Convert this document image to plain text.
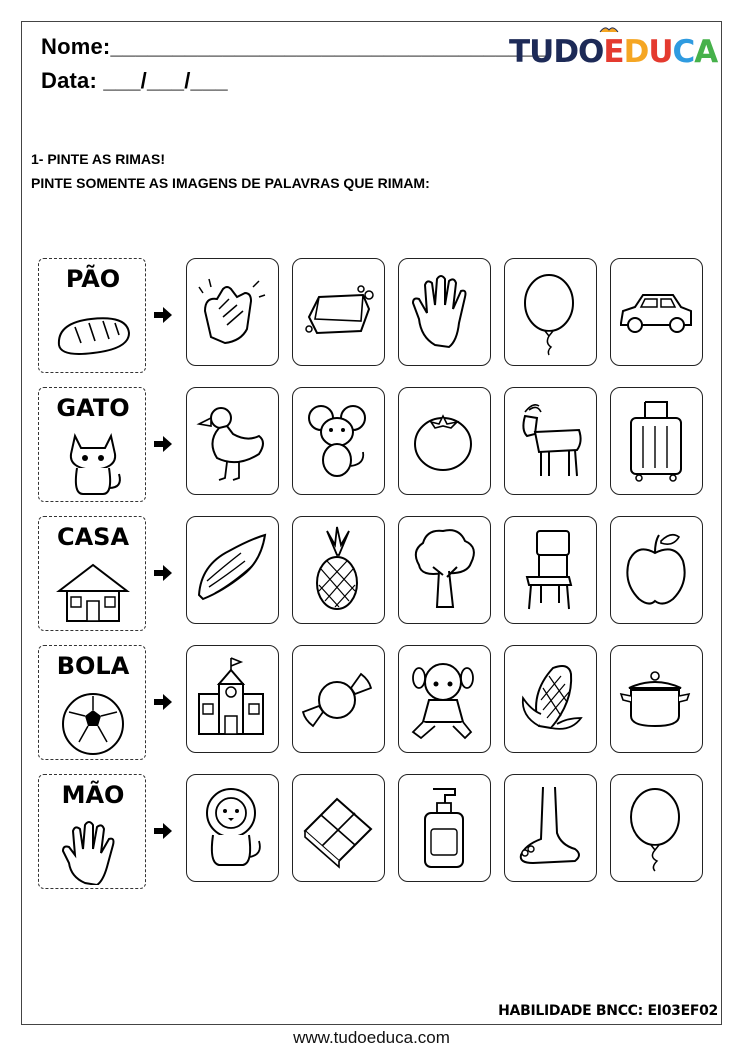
Nome:___________________________________
Data: ___/___/___
TUDO E D U C A
1- PINTE AS RIMAS!
PINTE SOMENTE AS IMAGENS DE PALAVRAS QUE RIMAM:
PÃO
GATO
CASA
BOLA
MÃO
HABILIDADE BNCC: EI03EF02
www.tudoeduca.com
